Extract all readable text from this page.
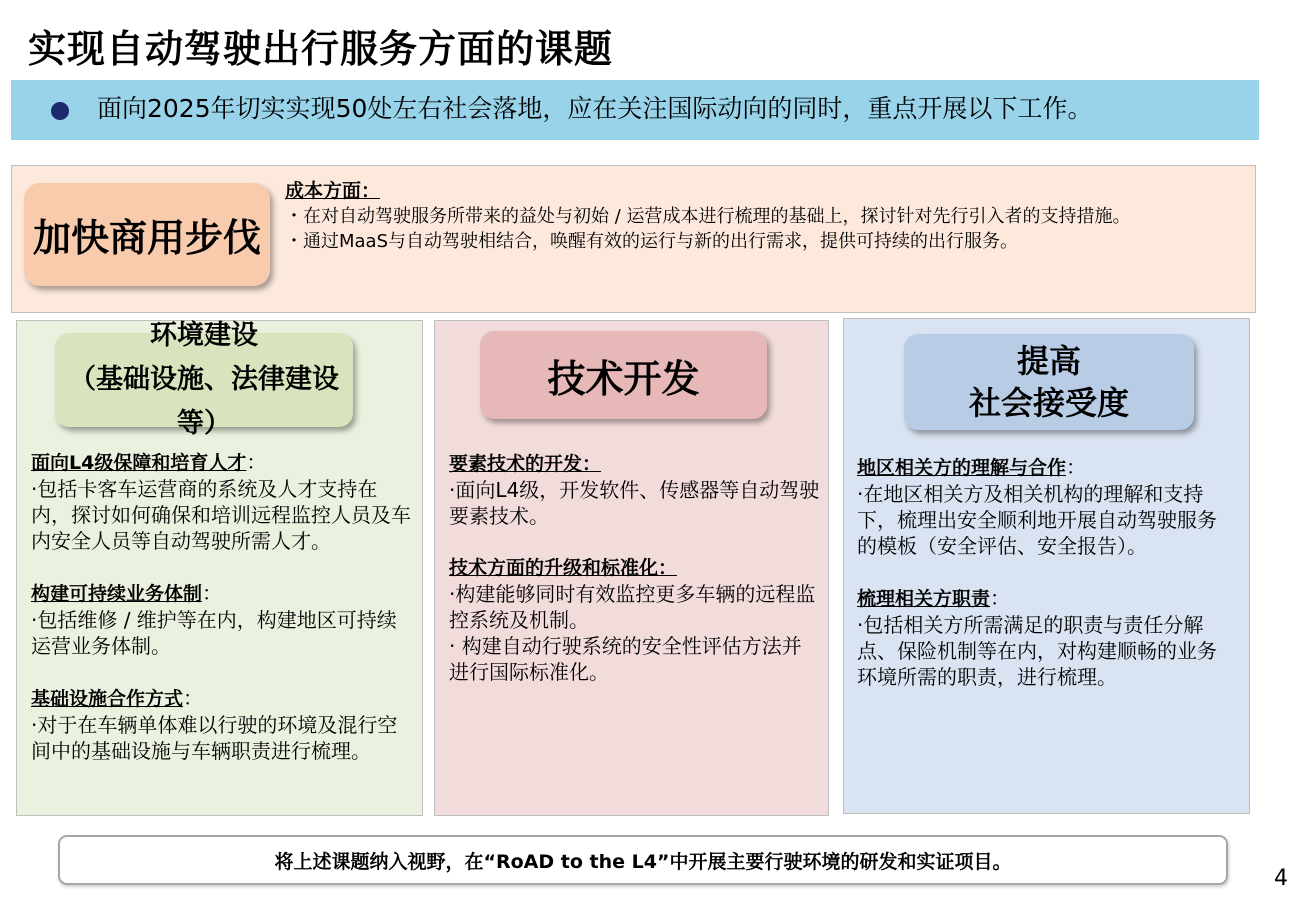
实现自动驾驶出行服务方面的课题
面向2025年切实实现50处左右社会落地，应在关注国际动向的同时，重点开展以下工作。
加快商用步伐
成本方面：
・在对自动驾驶服务所带来的益处与初始 / 运营成本进行梳理的基础上，探讨针对先行引入者的支持措施。
・通过MaaS与自动驾驶相结合，唤醒有效的运行与新的出行需求，提供可持续的出行服务。
环境建设
（基础设施、法律建设等）

面向L4级保障和培育人才：

·包括卡客车运营商的系统及人才支持在内，探讨如何确保和培训远程监控人员及车内安全人员等自动驾驶所需人才。

构建可持续业务体制：

·包括维修 / 维护等在内，构建地区可持续运营业务体制。

基础设施合作方式：

·对于在车辆单体难以行驶的环境及混行空间中的基础设施与车辆职责进行梳理。

技术开发

要素技术的开发：

·面向L4级，开发软件、传感器等自动驾驶要素技术。

技术方面的升级和标准化：

·构建能够同时有效监控更多车辆的远程监控系统及机制。

· 构建自动行驶系统的安全性评估方法并进行国际标准化。

提高
社会接受度

地区相关方的理解与合作：

·在地区相关方及相关机构的理解和支持下，梳理出安全顺利地开展自动驾驶服务的模板（安全评估、安全报告）。

梳理相关方职责：

·包括相关方所需满足的职责与责任分解点、保险机制等在内，对构建顺畅的业务环境所需的职责，进行梳理。

将上述课题纳入视野，在“RoAD to the L4”中开展主要行驶环境的研发和实证项目。
4
